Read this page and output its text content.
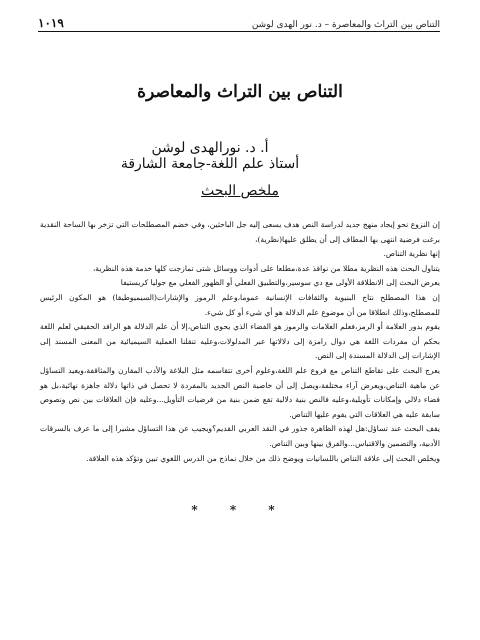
التناص بين التراث والمعاصرة – د. نور الهدى لوشن
١٠١٩
التناص بين التراث والمعاصرة
أ. د. نورالهدى لوشن
أستاذ علم اللغة-جامعة الشارقة
ملخص البحث

إن النزوع نحو إيجاد منهج جديد لدراسة النص هدف يسعى إليه جل الباحثين، وفي خضم المصطلحات التي تزخر بها الساحة النقدية برغت فرضية انتهى بها المطاف إلى أن يطلق عليها(نظرية)،

إنها نظرية التناص.

يتناول البحث هذه النظرية مطلا من نوافذ عدة،مطلعا على أدوات ووسائل شتى تمازجت كلها خدمة هذه النظرية،

يعرض البحث إلى الانطلاقة الأولى مع دي سوسير،والتطبيق الفعلي أو الظهور الفعلي مع جوليا كريستيفا

إن هذا المصطلح نتاج البنيوية والثقافات الإنسانية عموما،وعلم الرموز والإشارات(السيميوطيقا) هو المكون الرئيس للمصطلح،وذلك انطلاقا من أن موضوع علم الدلالة هو أي شيء أو كل شيء.

يقوم بدور العلامة أو الرمز،فعلم العلامات والرموز هو الفضاء الذي يحوي التناص،إلا أن علم الدلالة هو الرافد الحقيقي لعلم اللغة بحكم أن مفردات اللغة هي دوال رامزة إلى دلالاتها عبر المدلولات،وعليه تنقلنا العملية السيميائية من المعنى المسند إلى الإشارات إلى الدلالة المسندة إلى النص.

يعرج البحث على تقاطع التناص مع فروع علم اللغة،وعلوم أخرى تتقاسمه مثل البلاغة والأدب المقارن والمثاقفة،ويعيد التساؤل عن ماهية التناص،ويعرض آراء مختلفة،ويصل إلى أن خاصية النص الجديد بالمفردة لا تحصل في ذاتها دلالة جاهزة نهائية،بل هو فضاء دلالي وإمكانات تأويلية،وعليه فالنص بنية دلالية تقع ضمن بنية من فرضيات التأويل...وعليه فإن العلاقات بين نص ونصوص سابقة عليه هي العلاقات التي يقوم عليها التناص.

يقف البحث عند تساؤل:هل لهذه الظاهرة جذور في النقد العربي القديم؟ويجيب عن هذا التساؤل مشيرا إلى ما عرف بالسرقات الأدبية، والتضمين والاقتباس...والفرق بينها وبين التناص.

ويخلص البحث إلى علاقة التناص باللسانيات ويوضح ذلك من خلال نماذج من الدرس اللغوي تبين وتؤكد هذه العلاقة.

* * *
